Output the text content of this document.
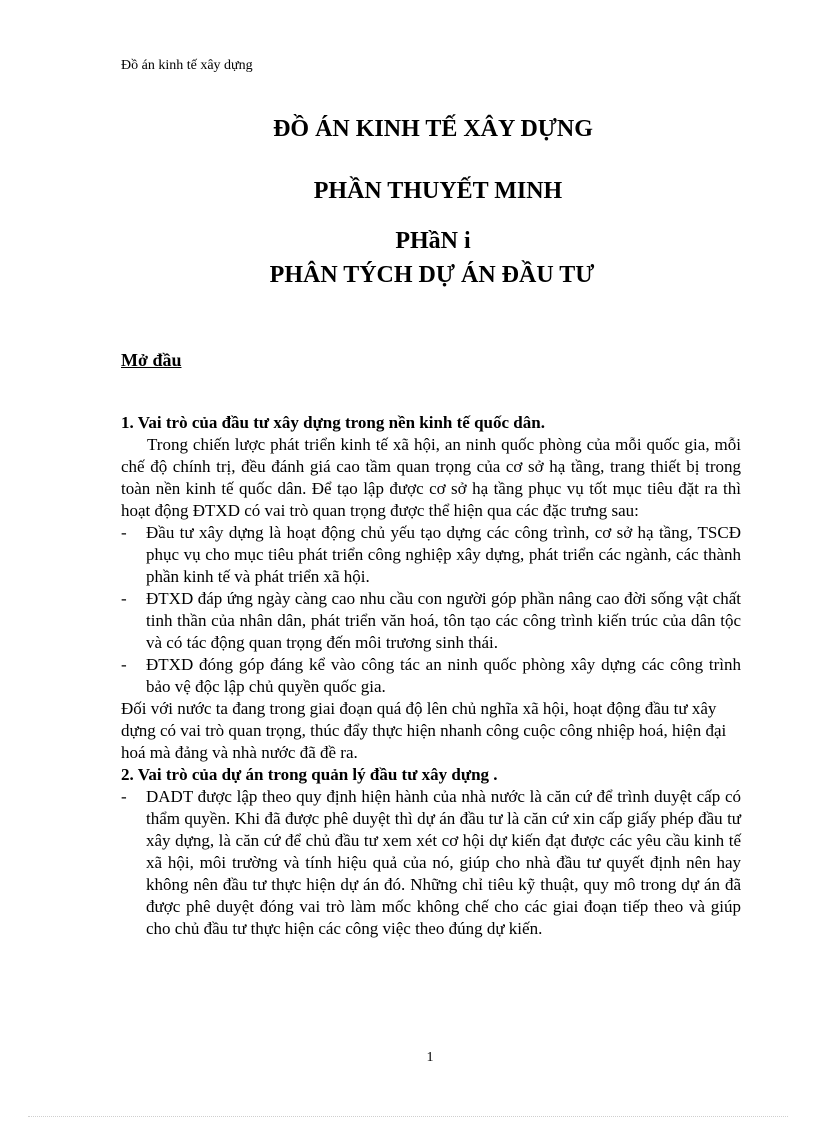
Đồ án kinh tế xây dựng
ĐỒ ÁN KINH TẾ XÂY DỰNG
PHẦN THUYẾT MINH
PHầN i
PHÂN TÝCH DỰ ÁN ĐẦU TƯ
Mở đầu

1. Vai trò của đầu tư xây dựng trong nền kinh tế quốc dân.

Trong chiến lược phát triển kinh tế xã hội, an ninh quốc phòng của mỗi quốc gia, mỗi chế độ chính trị, đều đánh giá cao tầm quan trọng của cơ sở hạ tầng, trang thiết bị trong toàn nền kinh tế quốc dân. Để tạo lập được cơ sở hạ tầng phục vụ tốt mục tiêu đặt ra thì hoạt động ĐTXD có vai trò quan trọng được thể hiện qua các đặc trưng sau:

- Đầu tư xây dựng là hoạt động chủ yếu tạo dựng các công trình, cơ sở hạ tầng, TSCĐ phục vụ cho mục tiêu phát triển công nghiệp xây dựng, phát triển các ngành, các thành phần kinh tế và phát triển xã hội.
- ĐTXD đáp ứng ngày càng cao nhu cầu con người góp phần nâng cao đời sống vật chất tinh thần của nhân dân, phát triển văn hoá, tôn tạo các công trình kiến trúc của dân tộc và có tác động quan trọng đến môi trương sinh thái.
- ĐTXD đóng góp đáng kể vào công tác an ninh quốc phòng xây dựng các công trình bảo vệ độc lập chủ quyền quốc gia.

Đối với nước ta đang trong giai đoạn quá độ lên chủ nghĩa xã hội, hoạt động đầu tư xây dựng có vai trò quan trọng, thúc đẩy thực hiện nhanh công cuộc công nhiệp hoá, hiện đại hoá mà đảng và nhà nước đã đề ra.

2. Vai trò của dự án trong quản lý đầu tư xây dựng .

- DADT được lập theo quy định hiện hành của nhà nước là căn cứ để trình duyệt cấp có thẩm quyền. Khi đã được phê duyệt thì dự án đầu tư là căn cứ xin cấp giấy phép đầu tư xây dựng, là căn cứ để chủ đầu tư xem xét cơ hội dự kiến đạt được các yêu cầu kinh tế xã hội, môi trường và tính hiệu quả của nó, giúp cho nhà đầu tư quyết định nên hay không nên đầu tư thực hiện dự án đó. Những chỉ tiêu kỹ thuật, quy mô trong dự án đã được phê duyệt đóng vai trò làm mốc không chế cho các giai đoạn tiếp theo và giúp cho chủ đầu tư thực hiện các công việc theo đúng dự kiến.
1
